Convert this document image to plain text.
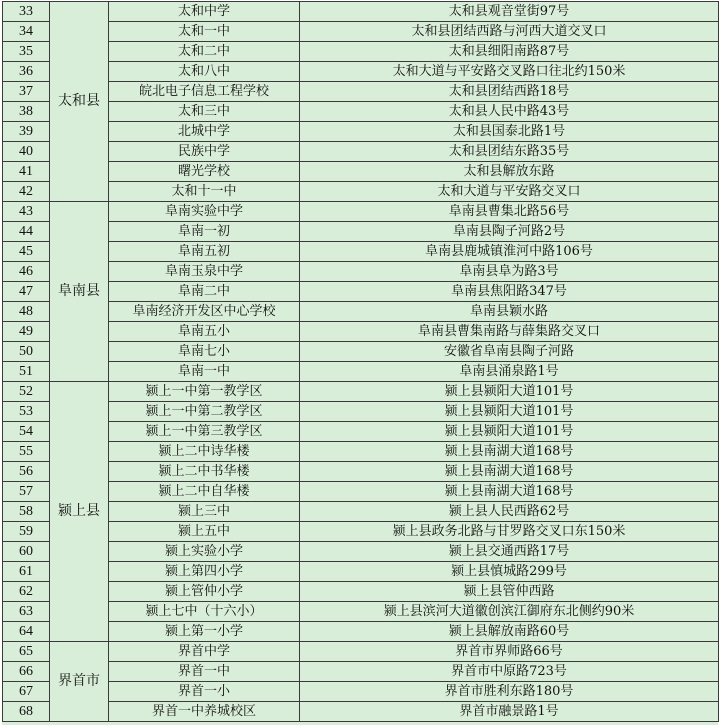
33	太和县	太和中学	太和县观音堂街97号
34		太和一中	太和县团结西路与河西大道交叉口
35		太和二中	太和县细阳南路87号
36		太和八中	太和大道与平安路交叉路口往北约150米
37		皖北电子信息工程学校	太和县团结西路18号
38		太和三中	太和县人民中路43号
39		北城中学	太和县国泰北路1号
40		民族中学	太和县团结东路35号
41		曙光学校	太和县解放东路
42		太和十一中	太和大道与平安路交叉口
43	阜南县	阜南实验中学	阜南县曹集北路56号
44		阜南一初	阜南县陶子河路2号
45		阜南五初	阜南县鹿城镇淮河中路106号
46		阜南玉泉中学	阜南县阜为路3号
47		阜南二中	阜南县焦阳路347号
48		阜南经济开发区中心学校	阜南县颖水路
49		阜南五小	阜南县曹集南路与薛集路交叉口
50		阜南七小	安徽省阜南县陶子河路
51		阜南一中	阜南县涌泉路1号
52	颍上县	颍上一中第一教学区	颍上县颍阳大道101号
53		颍上一中第二教学区	颍上县颍阳大道101号
54		颍上一中第三教学区	颍上县颍阳大道101号
55		颍上二中诗华楼	颍上县南湖大道168号
56		颍上二中书华楼	颍上县南湖大道168号
57		颍上二中自华楼	颍上县南湖大道168号
58		颍上三中	颍上县人民西路62号
59		颍上五中	颍上县政务北路与甘罗路交叉口东150米
60		颍上实验小学	颍上县交通西路17号
61		颍上第四小学	颍上县慎城路299号
62		颍上管仲小学	颍上县管仲西路
63		颍上七中（十六小）	颍上县滨河大道徽创滨江御府东北侧约90米
64		颍上第一小学	颍上县解放南路60号
65	界首市	界首中学	界首市界师路66号
66		界首一中	界首市中原路723号
67		界首一小	界首市胜利东路180号
68		界首一中养城校区	界首市融景路1号
